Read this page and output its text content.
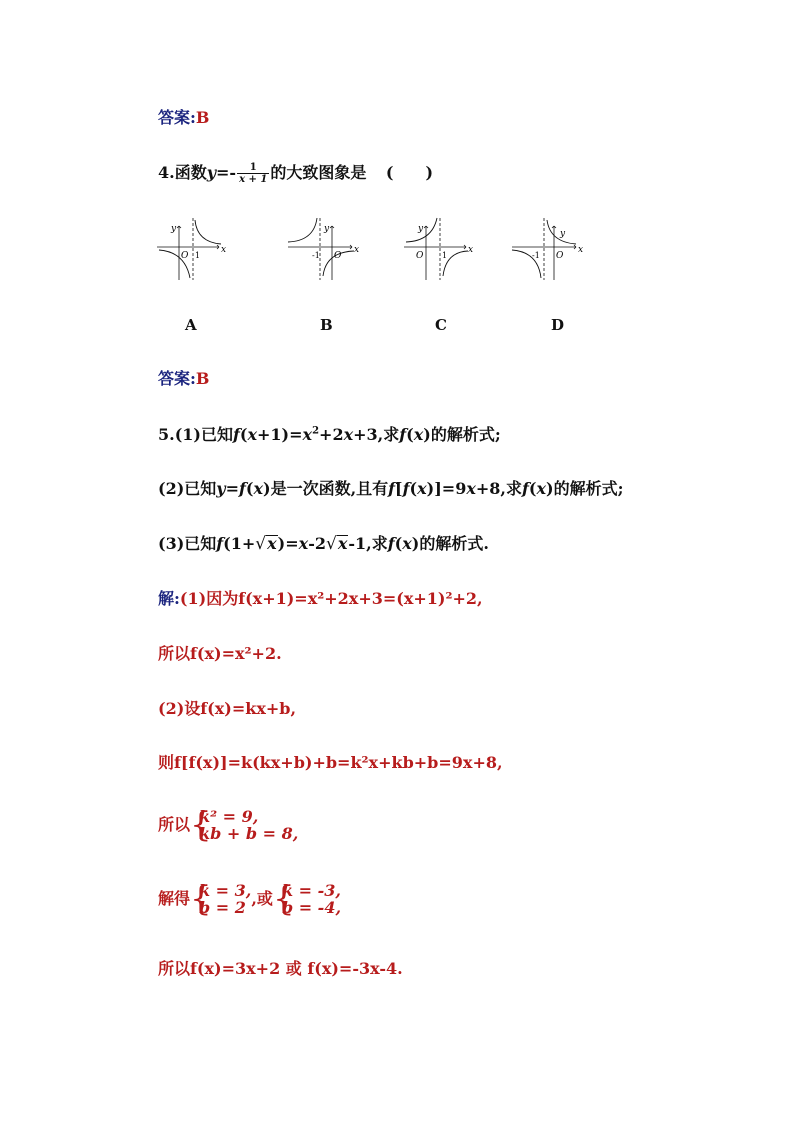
答案:B
4.函数$y=- \frac{1}{x + 1}$ 的大致图象是 (　　)
y
x
O 1
A
y
x
O
-1
B
y
x
O 1
C
y
x
O
-1
D
答案:B
5.(1)已知$f(x+1)=x^2+2x+3$,求f(x)的解析式;
(2)已知y=f(x)是一次函数,且有f[f(x)]=9x+8,求f(x)的解析式;
(3)已知f(1+√x)=x-2√x-1,求f(x)的解析式.
解:(1)因为f(x+1)=x²+2x+3=(x+1)²+2,
所以f(x)=x²+2.
(2)设f(x)=kx+b,
则f[f(x)]=k(kx+b)+b=k²x+kb+b=9x+8,
所以 {
k² = 9,
kb + b = 8,
解得 {
k = 3,
b = 2 ,或 {
k = -3,
b = -4,
所以f(x)=3x+2 或 f(x)=-3x-4.
